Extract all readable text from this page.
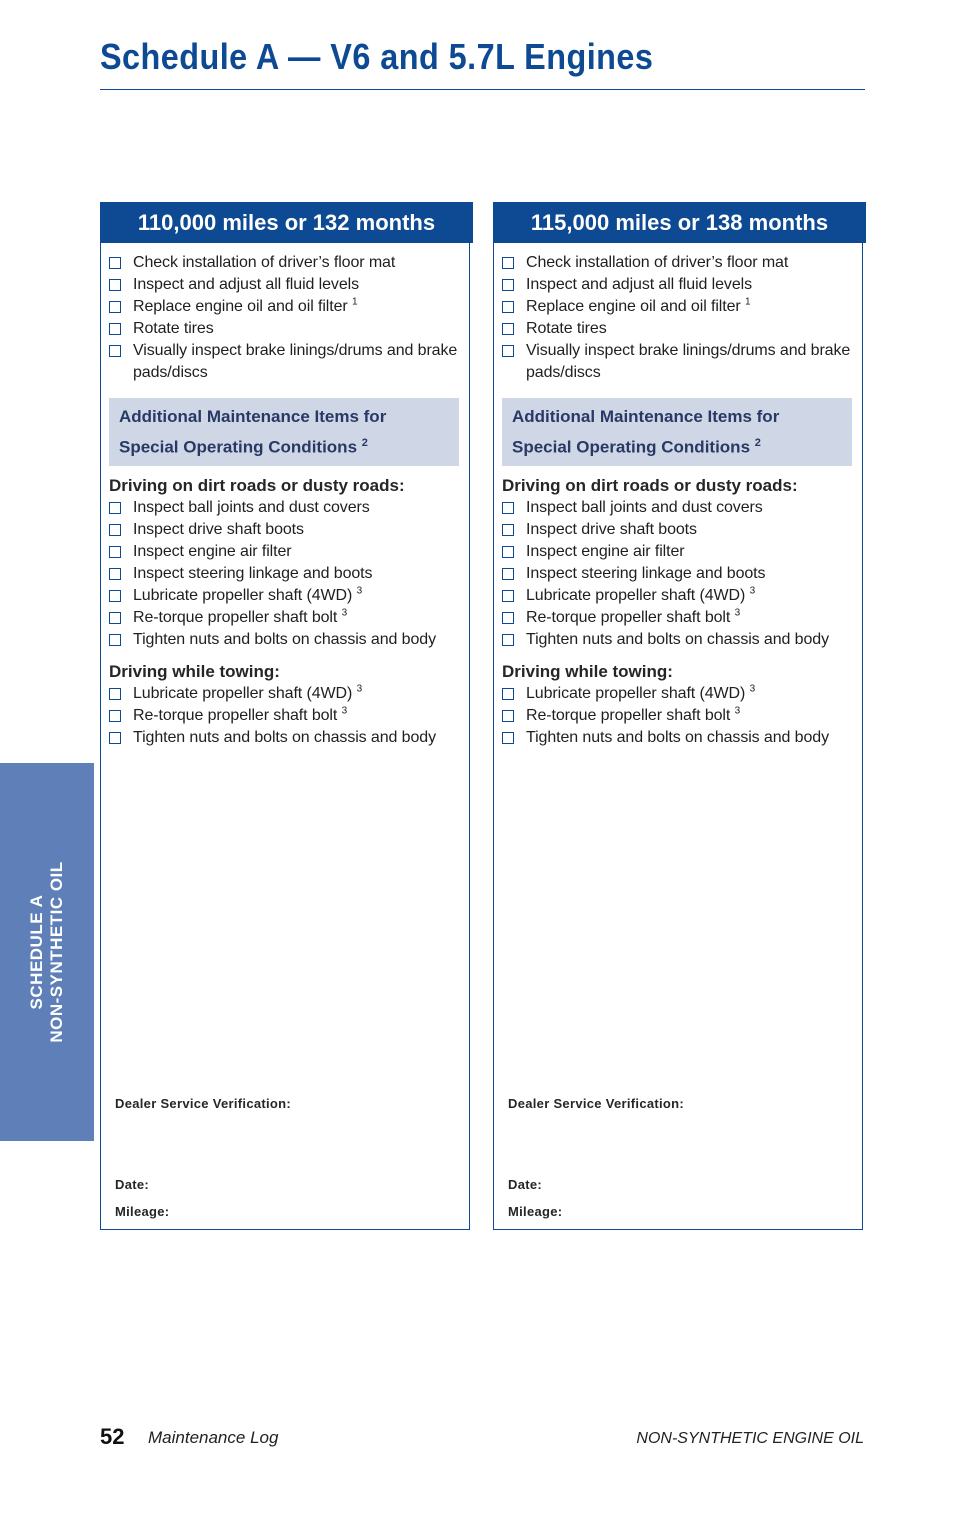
Schedule A — V6 and 5.7L Engines
SCHEDULE A NON-SYNTHETIC OIL
110,000 miles or 132 months
Check installation of driver’s floor mat
Inspect and adjust all fluid levels
Replace engine oil and oil filter $^1$
Rotate tires
Visually inspect brake linings/drums and brake pads/discs
Additional Maintenance Items for
Special Operating Conditions $^2$
Driving on dirt roads or dusty roads:
Inspect ball joints and dust covers
Inspect drive shaft boots
Inspect engine air filter
Inspect steering linkage and boots
Lubricate propeller shaft (4WD) $^3$
Re-torque propeller shaft bolt $^3$
Tighten nuts and bolts on chassis and body
Driving while towing:
Lubricate propeller shaft (4WD) $^3$
Re-torque propeller shaft bolt $^3$
Tighten nuts and bolts on chassis and body
Dealer Service Verification:
Date:
Mileage:
115,000 miles or 138 months
Check installation of driver’s floor mat
Inspect and adjust all fluid levels
Replace engine oil and oil filter $^1$
Rotate tires
Visually inspect brake linings/drums and brake pads/discs
Additional Maintenance Items for
Special Operating Conditions $^2$
Driving on dirt roads or dusty roads:
Inspect ball joints and dust covers
Inspect drive shaft boots
Inspect engine air filter
Inspect steering linkage and boots
Lubricate propeller shaft (4WD) $^3$
Re-torque propeller shaft bolt $^3$
Tighten nuts and bolts on chassis and body
Driving while towing:
Lubricate propeller shaft (4WD) $^3$
Re-torque propeller shaft bolt $^3$
Tighten nuts and bolts on chassis and body
Dealer Service Verification:
Date:
Mileage:
52 Maintenance Log	NON-SYNTHETIC ENGINE OIL
